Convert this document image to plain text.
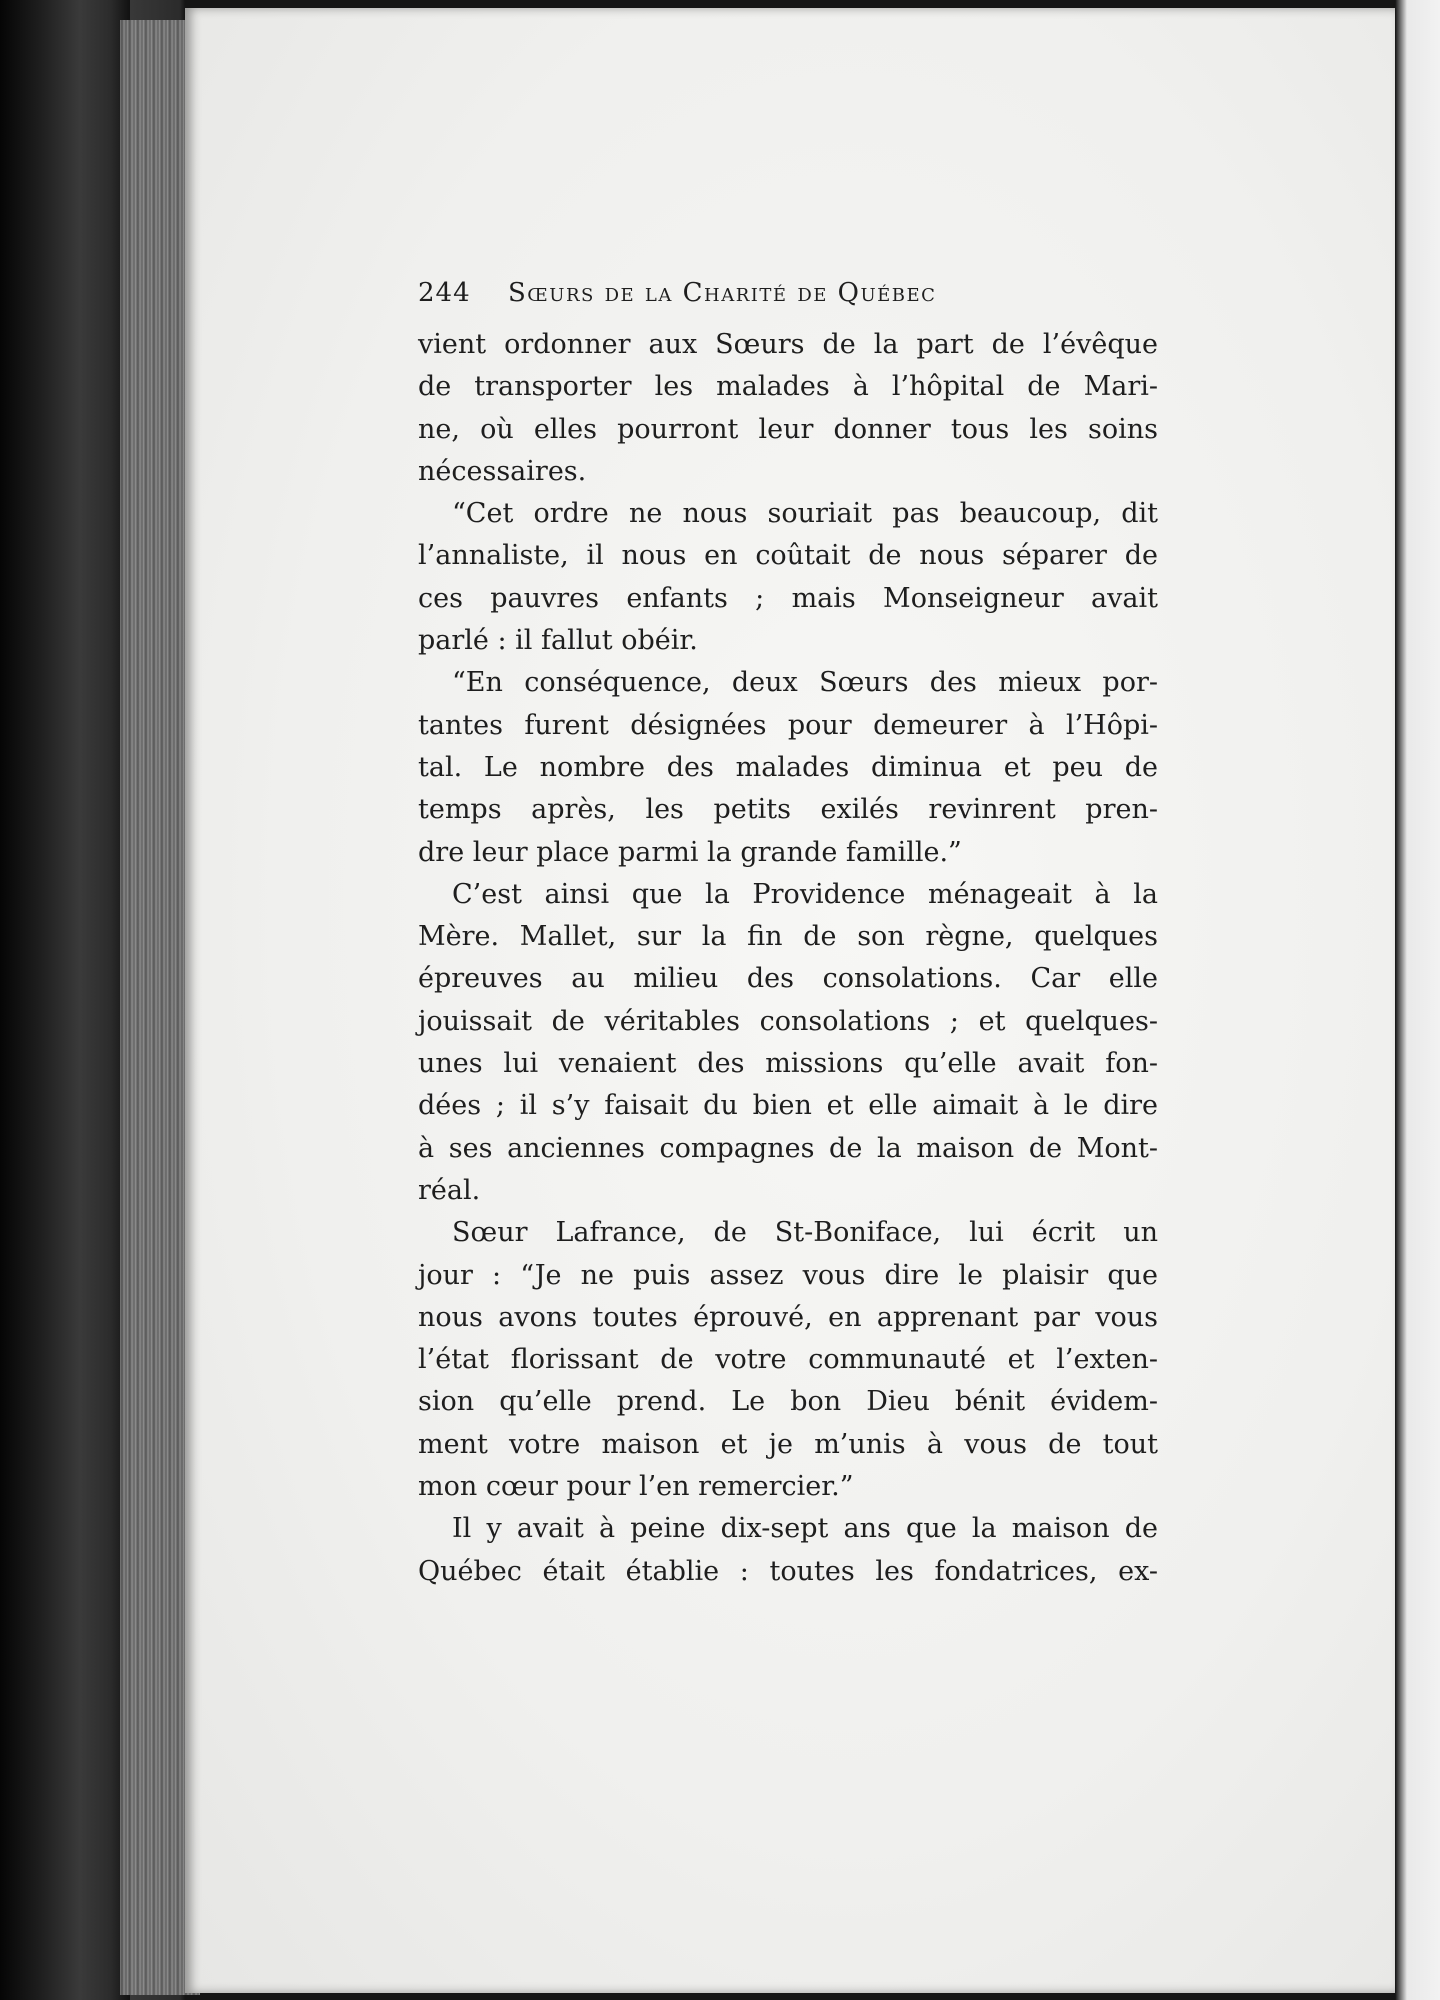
244 Sœurs de la Charité de Québec
vient ordonner aux Sœurs de la part de l’évêque
de transporter les malades à l’hôpital de Mari-
ne, où elles pourront leur donner tous les soins
nécessaires.
“Cet ordre ne nous souriait pas beaucoup, dit
l’annaliste, il nous en coûtait de nous séparer de
ces pauvres enfants ; mais Monseigneur avait
parlé : il fallut obéir.
“En conséquence, deux Sœurs des mieux por-
tantes furent désignées pour demeurer à l’Hôpi-
tal. Le nombre des malades diminua et peu de
temps après, les petits exilés revinrent pren-
dre leur place parmi la grande famille.”
C’est ainsi que la Providence ménageait à la
Mère. Mallet, sur la fin de son règne, quelques
épreuves au milieu des consolations. Car elle
jouissait de véritables consolations ; et quelques-
unes lui venaient des missions qu’elle avait fon-
dées ; il s’y faisait du bien et elle aimait à le dire
à ses anciennes compagnes de la maison de Mont-
réal.
Sœur Lafrance, de St-Boniface, lui écrit un
jour : “Je ne puis assez vous dire le plaisir que
nous avons toutes éprouvé, en apprenant par vous
l’état florissant de votre communauté et l’exten-
sion qu’elle prend. Le bon Dieu bénit évidem-
ment votre maison et je m’unis à vous de tout
mon cœur pour l’en remercier.”
Il y avait à peine dix-sept ans que la maison de
Québec était établie : toutes les fondatrices, ex-
